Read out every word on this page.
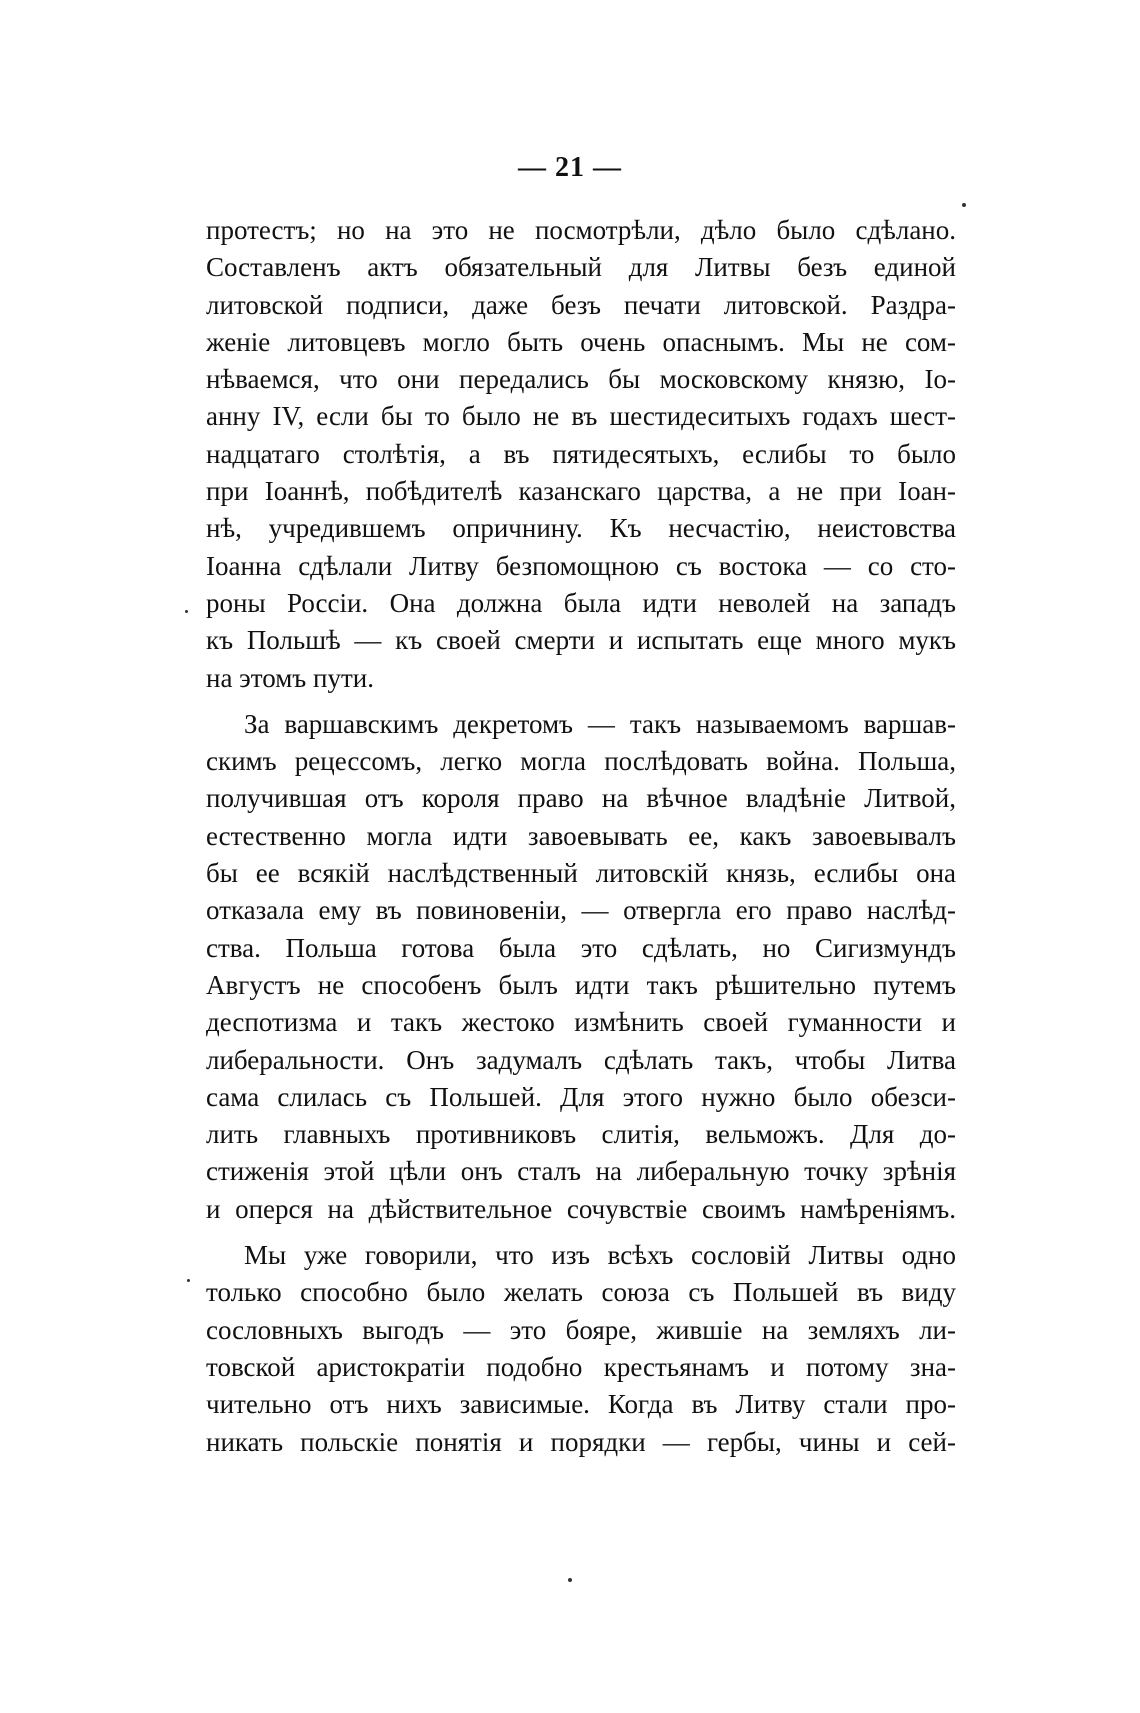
— 21 —
протестъ; но на это не посмотрѣли, дѣло было сдѣлано.
Составленъ актъ обязательный для Литвы безъ единой
литовской подписи, даже безъ печати литовской. Раздра-
женіе литовцевъ могло быть очень опаснымъ. Мы не сом-
нѣваемся, что они передались бы московскому князю, Іо-
анну IV, если бы то было не въ шестидеситыхъ годахъ шест-
надцатаго столѣтія, а въ пятидесятыхъ, еслибы то было
при Іоаннѣ, побѣдителѣ казанскаго царства, а не при Іоан-
нѣ, учредившемъ опричнину. Къ несчастію, неистовства
Іоанна сдѣлали Литву безпомощною съ востока — со сто-
роны Россіи. Она должна была идти неволей на западъ
къ Польшѣ — къ своей смерти и испытать еще много мукъ
на этомъ пути.
За варшавскимъ декретомъ — такъ называемомъ варшав-
скимъ рецессомъ, легко могла послѣдовать война. Польша,
получившая отъ короля право на вѣчное владѣніе Литвой,
естественно могла идти завоевывать ее, какъ завоевывалъ
бы ее всякій наслѣдственный литовскій князь, еслибы она
отказала ему въ повиновеніи, — отвергла его право наслѣд-
ства. Польша готова была это сдѣлать, но Сигизмундъ
Августъ не способенъ былъ идти такъ рѣшительно путемъ
деспотизма и такъ жестоко измѣнить своей гуманности и
либеральности. Онъ задумалъ сдѣлать такъ, чтобы Литва
сама слилась съ Польшей. Для этого нужно было обезси-
лить главныхъ противниковъ слитія, вельможъ. Для до-
стиженія этой цѣли онъ сталъ на либеральную точку зрѣнія
и оперся на дѣйствительное сочувствіе своимъ намѣреніямъ.
Мы уже говорили, что изъ всѣхъ сословій Литвы одно
только способно было желать союза съ Польшей въ виду
сословныхъ выгодъ — это бояре, жившіе на земляхъ ли-
товской аристократіи подобно крестьянамъ и потому зна-
чительно отъ нихъ зависимые. Когда въ Литву стали про-
никать польскіе понятія и порядки — гербы, чины и сей-
